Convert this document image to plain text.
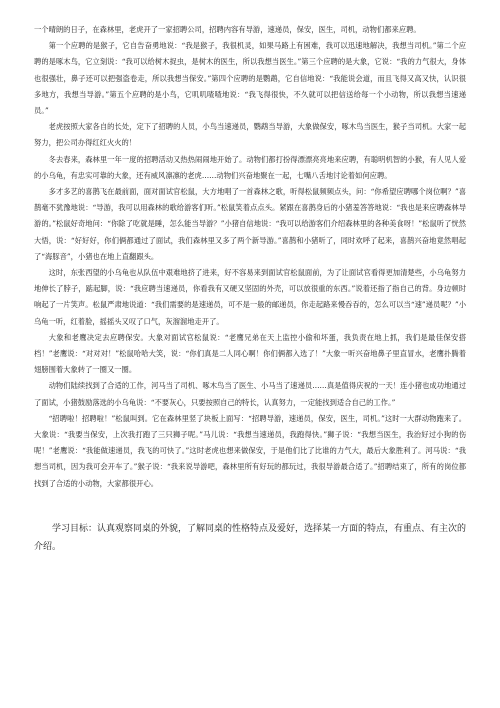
一个晴朗的日子，在森林里，老虎开了一家招聘公司，招聘内容有导游，速递员，保安，医生，司机，动物们都来应聘。

第一个应聘的是猴子，它自告奋勇地说：“我是猴子，我很机灵，如果马路上有困难，我可以迅速地解决，我想当司机。”第二个应聘的是啄木鸟，它立刻说：“我可以给树木捉虫，是树木的医生，所以我想当医生。”第三个应聘的是大象，它说：“我的力气很大，身体也很强壮，鼻子还可以把强盗卷走，所以我想当保安。”第四个应聘的是鹦鹉，它自信地说：“我能说会道，而且飞得又高又快，认识很多地方，我想当导游。”第五个应聘的是小鸟，它叽叽喳喳地说：“我飞得很快，不久就可以把信送给每一个小动物，所以我想当速递员。”

老虎按照大家各自的长处，定下了招聘的人员，小鸟当速递员，鹦鹉当导游，大象做保安，啄木鸟当医生，猴子当司机。大家一起努力，把公司办得红红火火的！

冬去春来，森林里一年一度的招聘活动又热热闹闹地开始了。动物们都打扮得漂漂亮亮地来应聘，有聪明机智的小猴，有人见人爱的小乌龟，有忠实可靠的大象，还有威风凛凛的老虎……动物们兴奋地聚在一起，七嘴八舌地讨论着如何应聘。

多才多艺的喜鹊飞在最前面，面对面试官松鼠，大方地唱了一首森林之歌，听得松鼠频频点头，问：“你希望应聘哪个岗位啊？”喜鹊毫不犹豫地说：“导游，我可以用森林的歌给游客们听。”松鼠笑着点点头。紧跟在喜鹊身后的小猪羞答答地说：“我也是来应聘森林导游的。”松鼠好奇地问：“你除了吃就是睡，怎么能当导游？”小猪自信地说：“我可以给游客们介绍森林里的各种美食呀！”松鼠听了恍然大悟，说：“好好好，你们俩都通过了面试，我们森林里又多了两个新导游。”喜鹊和小猪听了，同时欢呼了起来，喜鹊兴奋地竟然唱起了“海豚音”，小猪也在地上直翻跟头。

这时，东张西望的小乌龟也从队伍中艰难地挤了进来，好不容易来到面试官松鼠面前，为了让面试官看得更加清楚些，小乌龟努力地伸长了脖子，踮起脚，说：“我应聘当速递员，你看我有又硬又坚固的外壳，可以放很重的东西。”说着还指了指自己的背。身边顿时响起了一片笑声。松鼠严肃地说道：“我们需要的是速递员，可不是一般的邮递员，你走起路来慢吞吞的，怎么可以当“速”递员呢？”小乌龟一听，红着脸，摇摇头又叹了口气，灰溜溜地走开了。

大象和老鹰决定去应聘保安。大象对面试官松鼠说：“老鹰兄弟在天上监控小偷和坏蛋，我负责在地上抓，我们是最佳保安搭档！”老鹰说：“对对对！”松鼠哈哈大笑，说：“你们真是二人同心啊！你们俩都入选了！”大象一听兴奋地鼻子里直冒水，老鹰扑腾着翅膀围着大象转了一圈又一圈。

动物们陆续找到了合适的工作，河马当了司机、啄木鸟当了医生、小马当了速递员……真是值得庆祝的一天！连小猪也成功地通过了面试，小猪鼓励落选的小乌龟说：“不要灰心，只要按照自己的特长，认真努力，一定能找到适合自己的工作。”

“招聘啦！招聘啦！”松鼠叫到。它在森林里竖了块板上面写：“招聘导游，速递员，保安，医生，司机。”这时一大群动物跑来了。大象说：“我要当保安，上次我打跑了三只狮子呢。”马儿说：“我想当速递员，我跑得快。”狮子说：“我想当医生，我治好过小狗的伤呢！”老鹰说：“我能做速递员，我飞的可快了。”这时老虎也想来做保安，于是他们比了比谁的力气大，最后大象胜利了。河马说：“我想当司机，因为我可会开车了。”猴子说：“我来说导游吧，森林里所有好玩的都玩过，我很导游最合适了。”招聘结束了，所有的岗位都找到了合适的小动物，大家都很开心。

学习目标：认真观察同桌的外貌，了解同桌的性格特点及爱好，选择某一方面的特点，有重点、有主次的介绍。
